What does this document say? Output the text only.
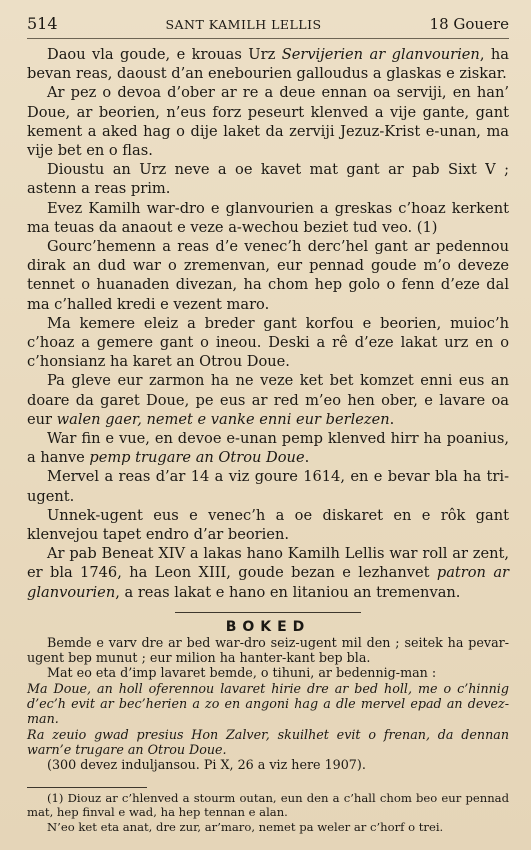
514	SANT KAMILH LELLIS	18 Gouere

Daou vla goude, e krouas Urz Servijerien ar glanvourien, ha bevan reas, daoust d’an enebourien galloudus a glaskas e ziskar.

Ar pez o devoa d’ober ar re a deue ennan oa serviji, en han’ Doue, ar beorien, n’eus forz peseurt klenved a vije gante, gant kement a aked hag o dije laket da zerviji Jezuz-Krist e-unan, ma vije bet en o flas.

Dioustu an Urz neve a oe kavet mat gant ar pab Sixt V ; astenn a reas prim.

Evez Kamilh war-dro e glanvourien a greskas c’hoaz kerkent ma teuas da anaout e veze a-wechou beziet tud veo. (1)

Gourc’hemenn a reas d’e venec’h derc’hel gant ar pedennou dirak an dud war o zremenvan, eur pennad goude m’o deveze tennet o huanaden divezan, ha chom hep golo o fenn d’eze dal ma c’halled kredi e vezent maro.

Ma kemere eleiz a breder gant korfou e beorien, muioc’h c’hoaz a gemere gant o ineou. Deski a rê d’eze lakat urz en o c’honsianz ha karet an Otrou Doue.

Pa gleve eur zarmon ha ne veze ket bet komzet enni eus an doare da garet Doue, pe eus ar red m’eo hen ober, e lavare oa eur walen gaer, nemet e vanke enni eur berlezen.

War fin e vue, en devoe e-unan pemp klenved hirr ha poanius, a hanve pemp trugare an Otrou Doue.

Mervel a reas d’ar 14 a viz goure 1614, en e bevar bla ha tri-ugent.

Unnek-ugent eus e venec’h a oe diskaret en e rôk gant klenvejou tapet endro d’ar beorien.

Ar pab Beneat XIV a lakas hano Kamilh Lellis war roll ar zent, er bla 1746, ha Leon XIII, goude bezan e lezhanvet patron ar glanvourien, a reas lakat e hano en litaniou an tremenvan.

BOKED

Bemde e varv dre ar bed war-dro seiz-ugent mil den ; seitek ha pevar-ugent bep munut ; eur milion ha hanter-kant bep bla.

Mat eo eta d’imp lavaret bemde, o tihuni, ar bedennig-man :

Ma Doue, an holl oferennou lavaret hirie dre ar bed holl, me o c’hinnig d’ec’h evit ar bec’herien a zo en angoni hag a dle mervel epad an devez-man.

Ra zeuio gwad presius Hon Zalver, skuilhet evit o frenan, da dennan warn’e trugare an Otrou Doue.

(300 devez induljansou. Pi X, 26 a viz here 1907).

(1) Diouz ar c’hlenved a stourm outan, eun den a c’hall chom beo eur pennad mat, hep finval e wad, ha hep tennan e alan.

N’eo ket eta anat, dre zur, ar’maro, nemet pa weler ar c’horf o trei.
